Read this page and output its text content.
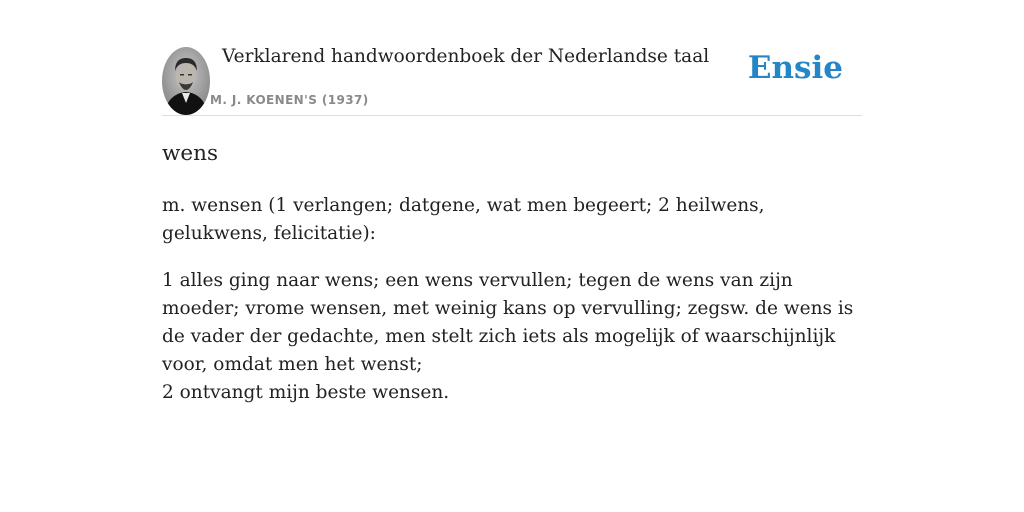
Verklarend handwoordenboek der Nederlandse taal
M. J. KOENEN'S (1937)
Ensie
wens

m. wensen (1 verlangen; datgene, wat men begeert; 2 heilwens, gelukwens, felicitatie):

1 alles ging naar wens; een wens vervullen; tegen de wens van zijn moeder; vrome wensen, met weinig kans op vervulling; zegsw. de wens is de vader der gedachte, men stelt zich iets als mogelijk of waarschijnlijk voor, omdat men het wenst;
2 ontvangt mijn beste wensen.
